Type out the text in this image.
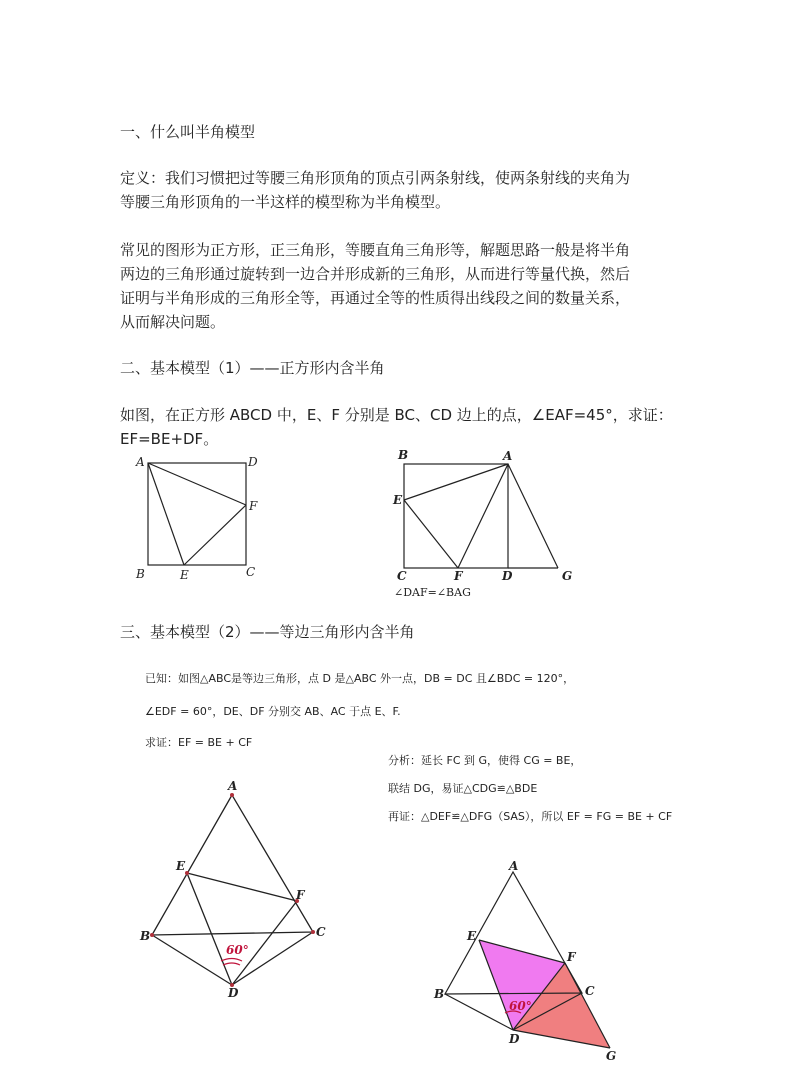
一、什么叫半角模型

定义：我们习惯把过等腰三角形顶角的顶点引两条射线，使两条射线的夹角为

等腰三角形顶角的一半这样的模型称为半角模型。

常见的图形为正方形，正三角形，等腰直角三角形等，解题思路一般是将半角

两边的三角形通过旋转到一边合并形成新的三角形，从而进行等量代换，然后

证明与半角形成的三角形全等，再通过全等的性质得出线段之间的数量关系，

从而解决问题。

二、基本模型（1）——正方形内含半角

如图，在正方形 ABCD 中，E、F 分别是 BC、CD 边上的点，∠EAF=45°，求证：

EF=BE+DF。

A	D
F
B	E	C
B	A
E
C	F	D	G
∠DAF=∠BAG

三、基本模型（2）——等边三角形内含半角

已知：如图△ABC是等边三角形，点 D 是△ABC 外一点，DB = DC 且∠BDC = 120°，
∠EDF = 60°，DE、DF 分别交 AB、AC 于点 E、F.
求证：EF = BE + CF
分析：延长 FC 到 G，使得 CG = BE，
联结 DG，易证△CDG≌△BDE
再证：△DEF≌△DFG（SAS），所以 EF = FG = BE + CF
A
E
F
B	C
D
60°
A
E
F
B	C
D
G
60°
